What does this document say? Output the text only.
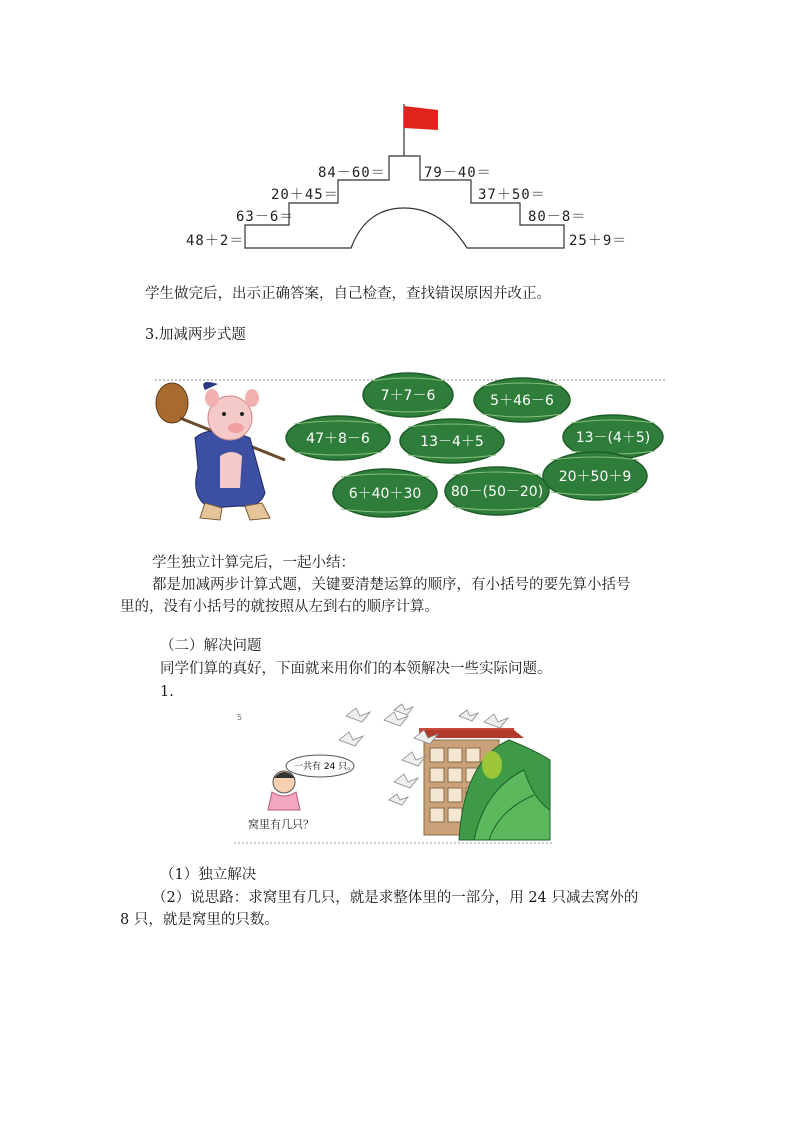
84－60＝
20＋45＝
63－6＝
48＋2＝
79－40＝
37＋50＝
80－8＝
25＋9＝
学生做完后，出示正确答案，自己检查，查找错误原因并改正。
3.加减两步式题
7＋7－6	5＋46－6
47＋8－6	13－4＋5	13－(4＋5)
6＋40＋30 80－(50－20)
20＋50＋9
学生独立计算完后，一起小结：
都是加减两步计算式题，关键要清楚运算的顺序，有小括号的要先算小括号
里的，没有小括号的就按照从左到右的顺序计算。
（二）解决问题
同学们算的真好，下面就来用你们的本领解决一些实际问题。
1.
5
一共有 24 只。
窝里有几只？
（1）独立解决
（2）说思路：求窝里有几只，就是求整体里的一部分，用 24 只减去窝外的
8 只，就是窝里的只数。
